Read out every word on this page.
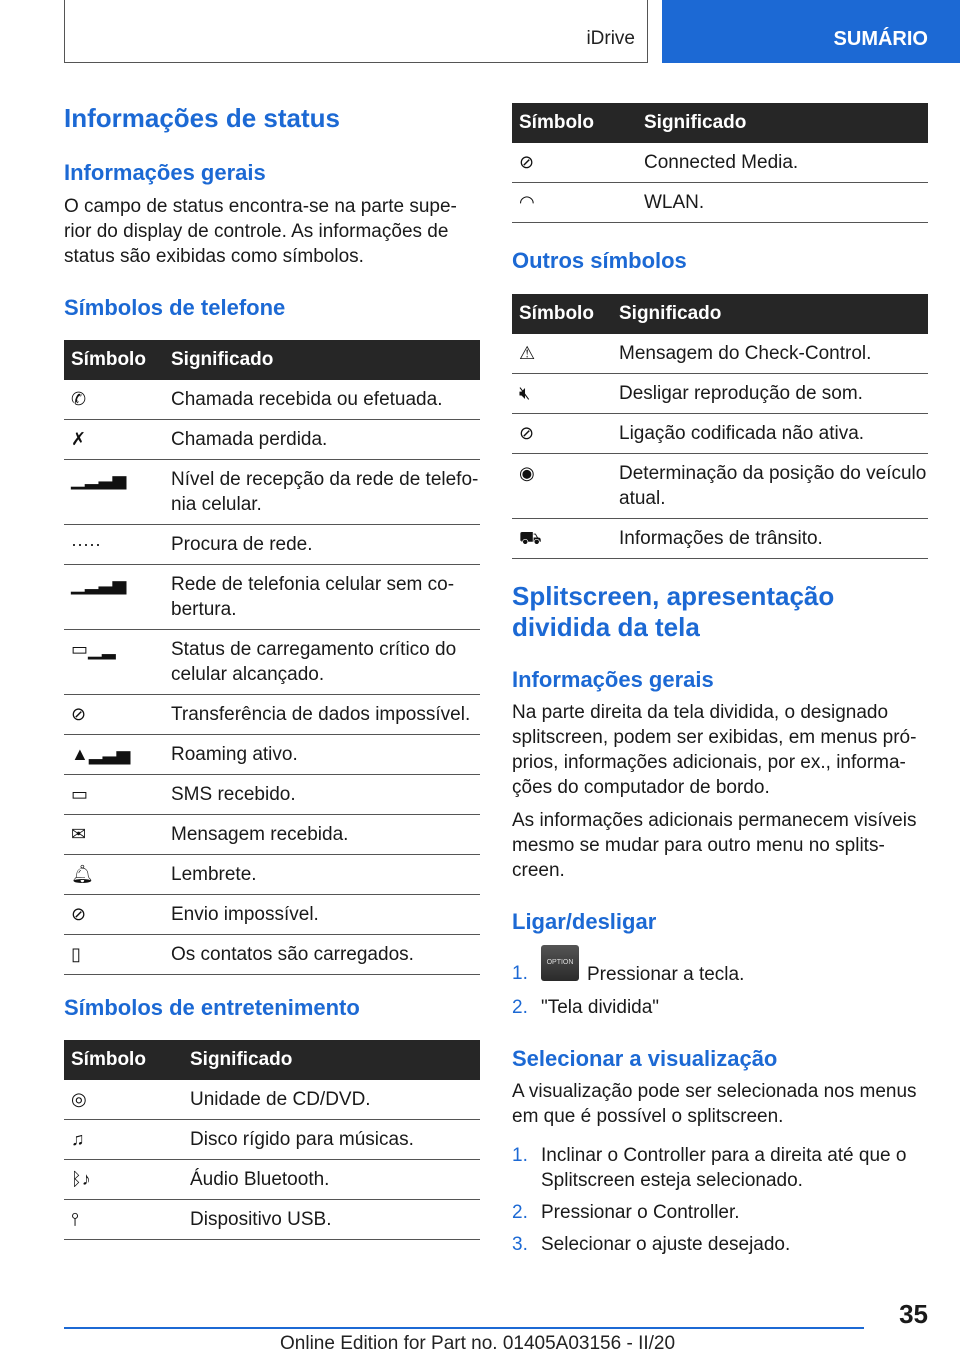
iDrive	SUMÁRIO
Informações de status
Informações gerais

O campo de status encontra-se na parte supe-rior do display de controle. As informações de status são exibidas como símbolos.

Símbolos de telefone
Símbolo	Significado
✆	Chamada recebida ou efetuada.
✗	Chamada perdida.
▁▂▃▅	Nível de recepção da rede de telefo-nia celular.
·····	Procura de rede.
▁▂▃▅	Rede de telefonia celular sem co-bertura.
▭▁▂	Status de carregamento crítico do celular alcançado.
⊘	Transferência de dados impossível.
▲▂▃▅	Roaming ativo.
▭	SMS recebido.
✉	Mensagem recebida.
🔔︎	Lembrete.
⊘	Envio impossível.
▯	Os contatos são carregados.
Símbolos de entretenimento
Símbolo	Significado
◎	Unidade de CD/DVD.
♫	Disco rígido para músicas.
ᛒ♪	Áudio Bluetooth.
⫯	Dispositivo USB.
Símbolo	Significado
⊘	Connected Media.
◠	WLAN.
Outros símbolos
Símbolo	Significado
⚠	Mensagem do Check-Control.
🔇︎	Desligar reprodução de som.
⊘	Ligação codificada não ativa.
◉	Determinação da posição do veículo atual.
⛟	Informações de trânsito.
Splitscreen, apresentação dividida da tela
Informações gerais

Na parte direita da tela dividida, o designado splitscreen, podem ser exibidas, em menus pró-prios, informações adicionais, por ex., informa-ções do computador de bordo.

As informações adicionais permanecem visíveis mesmo se mudar para outro menu no splits-creen.

Ligar/desligar
1.
OPTIONPressionar a tecla.
2. "Tela dividida"
Selecionar a visualização

A visualização pode ser selecionada nos menus em que é possível o splitscreen.

1. Inclinar o Controller para a direita até que o Splitscreen esteja selecionado.
2. Pressionar o Controller.
3. Selecionar o ajuste desejado.
35
Online Edition for Part no. 01405A03156 - II/20
